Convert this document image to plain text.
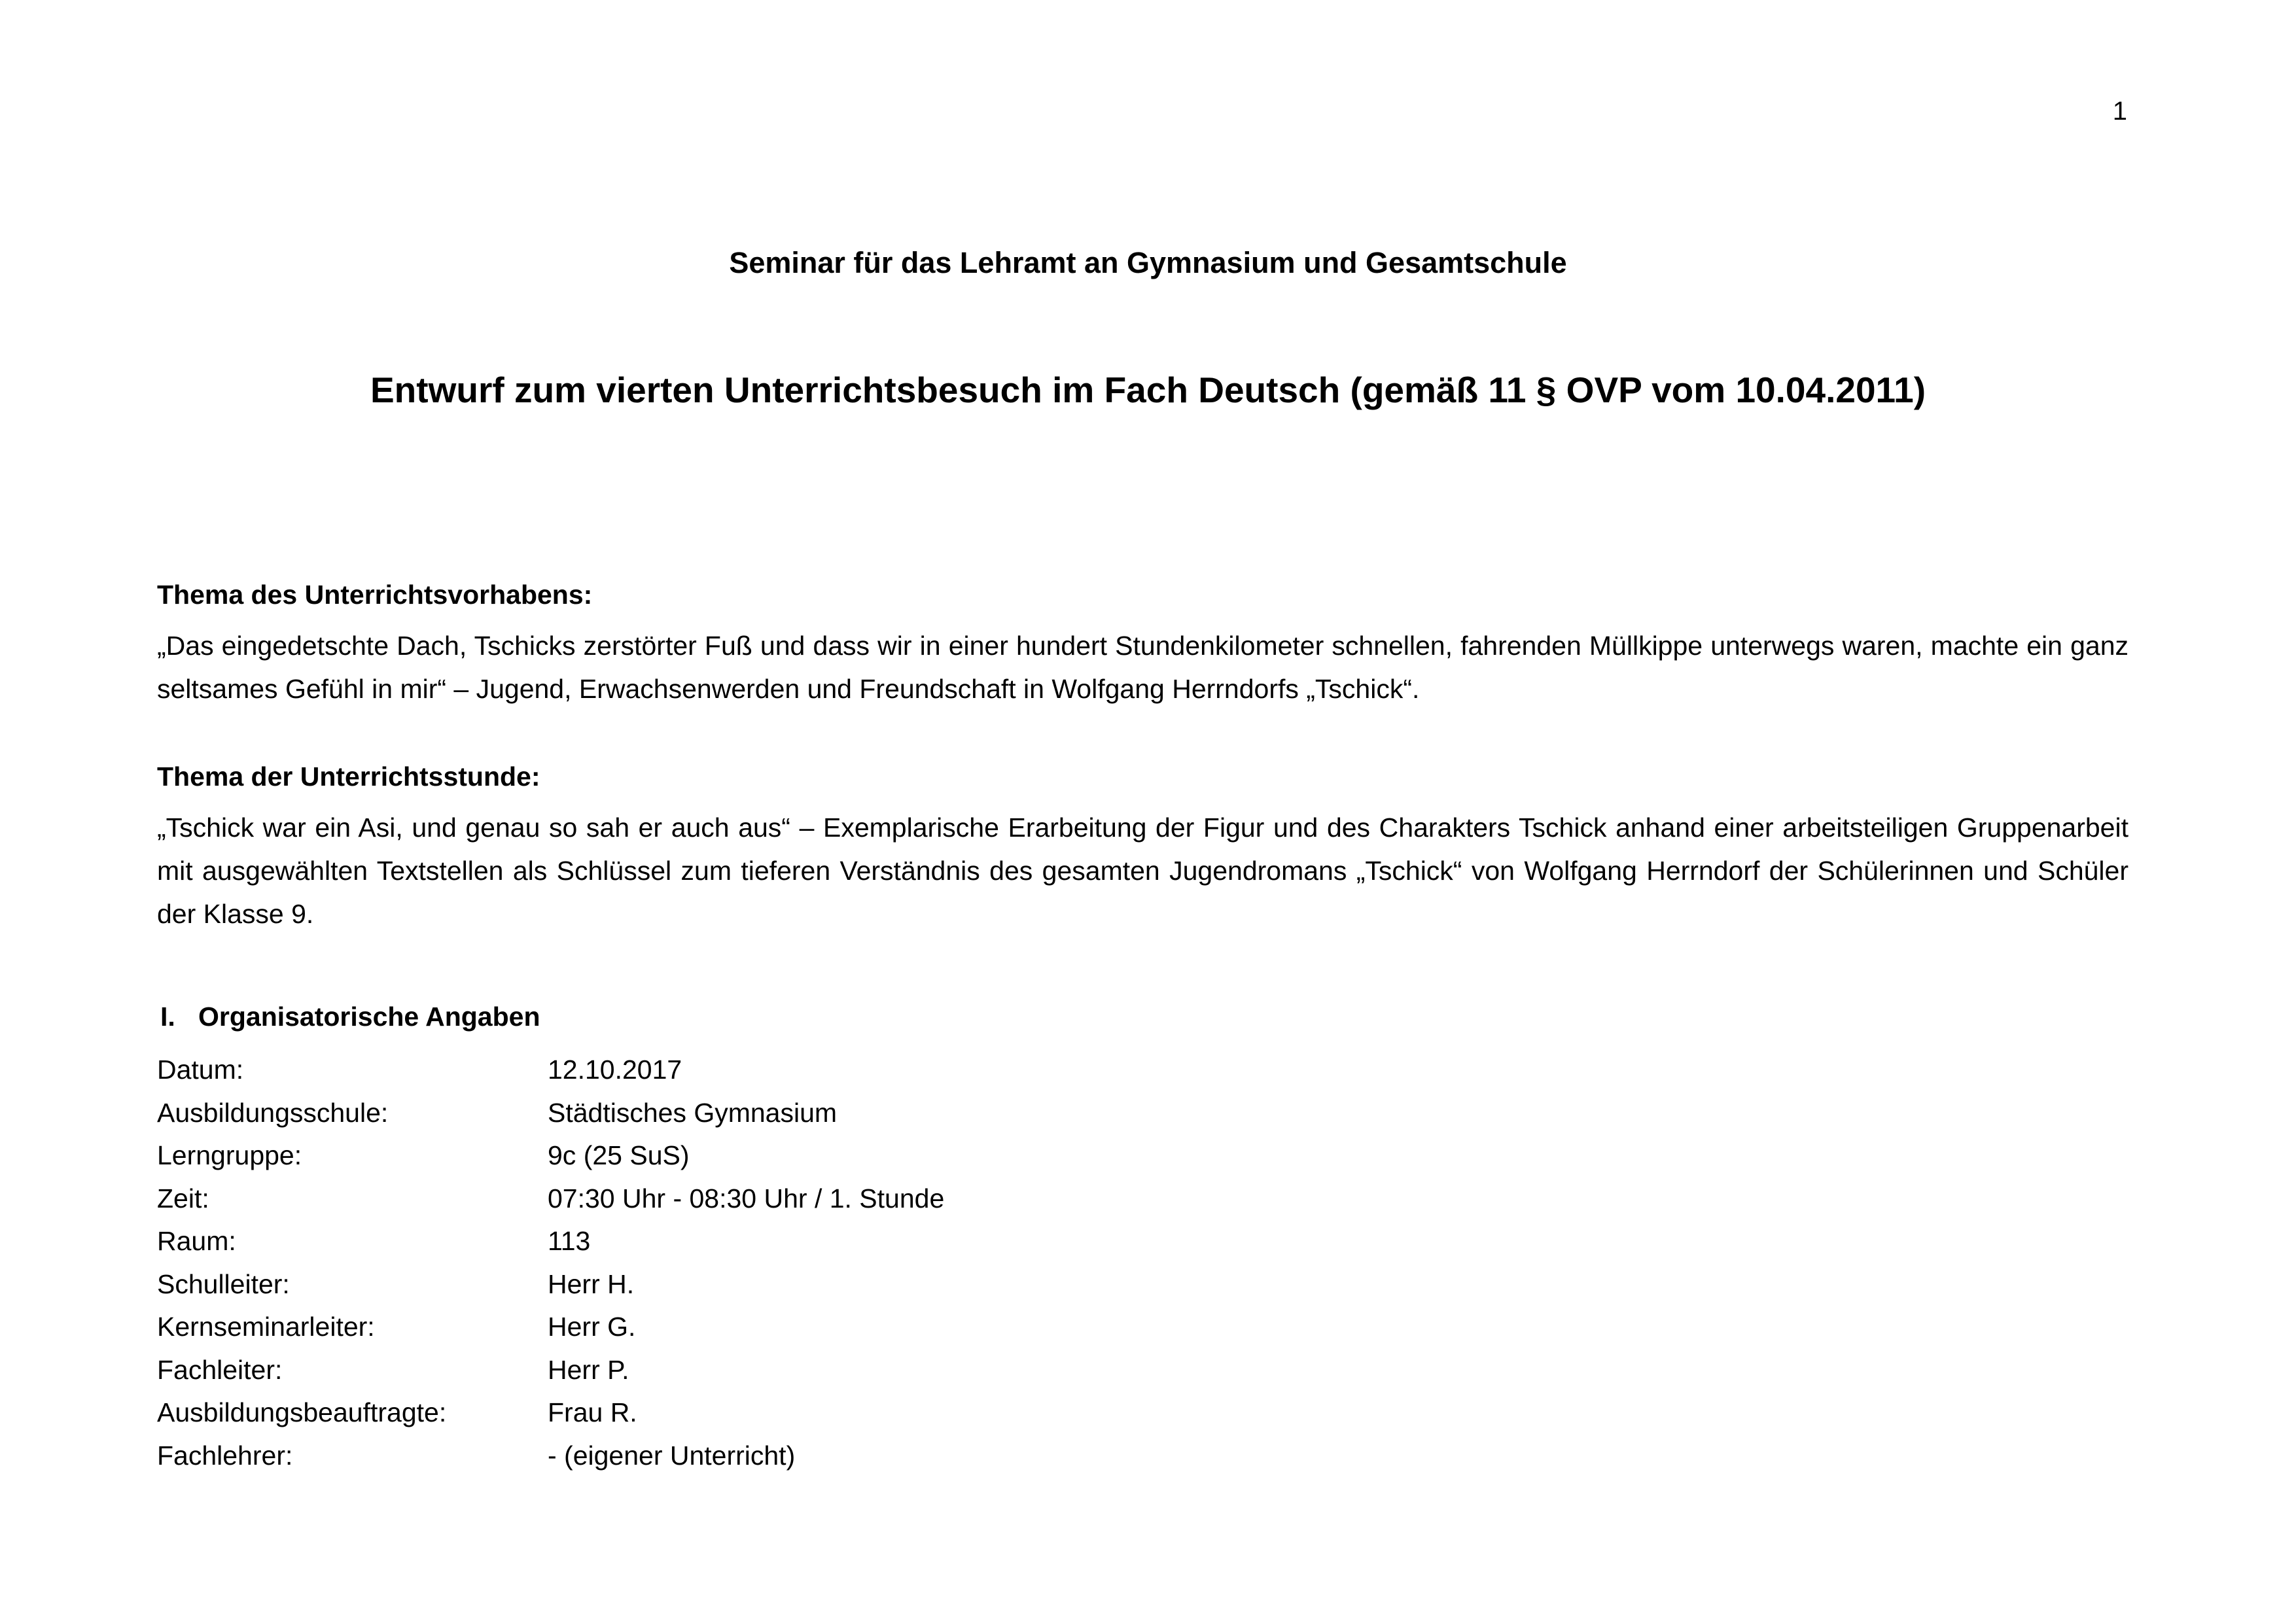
1
Seminar für das Lehramt an Gymnasium und Gesamtschule
Entwurf zum vierten Unterrichtsbesuch im Fach Deutsch (gemäß 11 § OVP vom 10.04.2011)

Thema des Unterrichtsvorhabens:

„Das eingedetschte Dach, Tschicks zerstörter Fuß und dass wir in einer hundert Stundenkilometer schnellen, fahrenden Müllkippe unterwegs waren, machte ein ganz seltsames Gefühl in mir“ – Jugend, Erwachsenwerden und Freundschaft in Wolfgang Herrndorfs „Tschick“.

Thema der Unterrichtsstunde:

„Tschick war ein Asi, und genau so sah er auch aus“ – Exemplarische Erarbeitung der Figur und des Charakters Tschick anhand einer arbeitsteiligen Gruppenarbeit mit ausgewählten Textstellen als Schlüssel zum tieferen Verständnis des gesamten Jugendromans „Tschick“ von Wolfgang Herrndorf der Schülerinnen und Schüler der Klasse 9.

I. Organisatorische Angaben
Datum:	12.10.2017
Ausbildungsschule:	Städtisches Gymnasium
Lerngruppe:	9c (25 SuS)
Zeit:	07:30 Uhr - 08:30 Uhr / 1. Stunde
Raum:	113
Schulleiter:	Herr H.
Kernseminarleiter:	Herr G.
Fachleiter:	Herr P.
Ausbildungsbeauftragte:	Frau R.
Fachlehrer:	- (eigener Unterricht)
